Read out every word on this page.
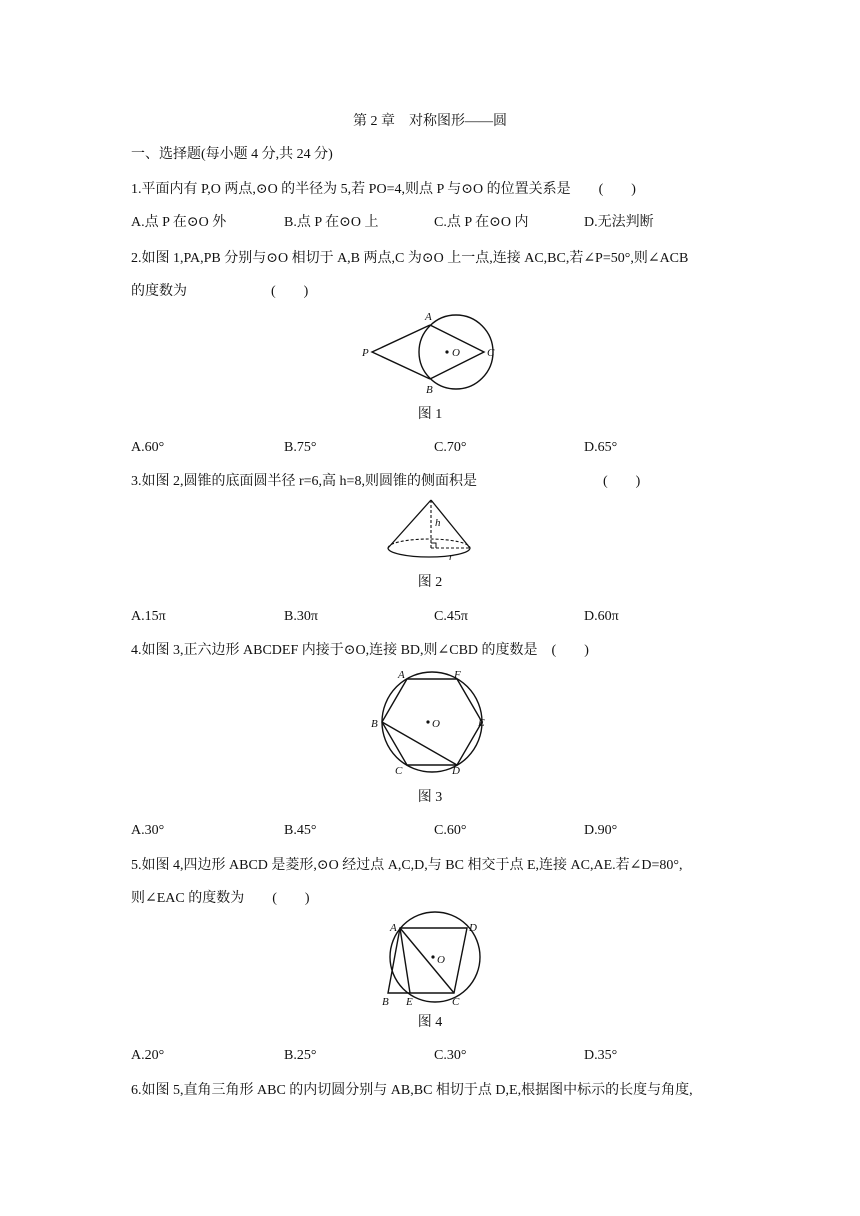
第 2 章　对称图形——圆
一、选择题(每小题 4 分,共 24 分)
1.平面内有 P,O 两点,⊙O 的半径为 5,若 PO=4,则点 P 与⊙O 的位置关系是　　(　　)
A.点 P 在⊙O 外	B.点 P 在⊙O 上	C.点 P 在⊙O 内	D.无法判断
2.如图 1,PA,PB 分别与⊙O 相切于 A,B 两点,C 为⊙O 上一点,连接 AC,BC,若∠P=50°,则∠ACB
的度数为　　　　　　(　　)
A
B
C
P	O
图 1
A.60°	B.75°	C.70°	D.65°
3.如图 2,圆锥的底面圆半径 r=6,高 h=8,则圆锥的侧面积是　　　　　　　　　(　　)
h
r
图 2
A.15π	B.30π	C.45π	D.60π
4.如图 3,正六边形 ABCDEF 内接于⊙O,连接 BD,则∠CBD 的度数是　(　　)
A	F
B	E
C	D
O
图 3
A.30°	B.45°	C.60°	D.90°
5.如图 4,四边形 ABCD 是菱形,⊙O 经过点 A,C,D,与 BC 相交于点 E,连接 AC,AE.若∠D=80°,
则∠EAC 的度数为　　(　　)
A	D
B E	C
O
图 4
A.20°	B.25°	C.30°	D.35°
6.如图 5,直角三角形 ABC 的内切圆分别与 AB,BC 相切于点 D,E,根据图中标示的长度与角度,
